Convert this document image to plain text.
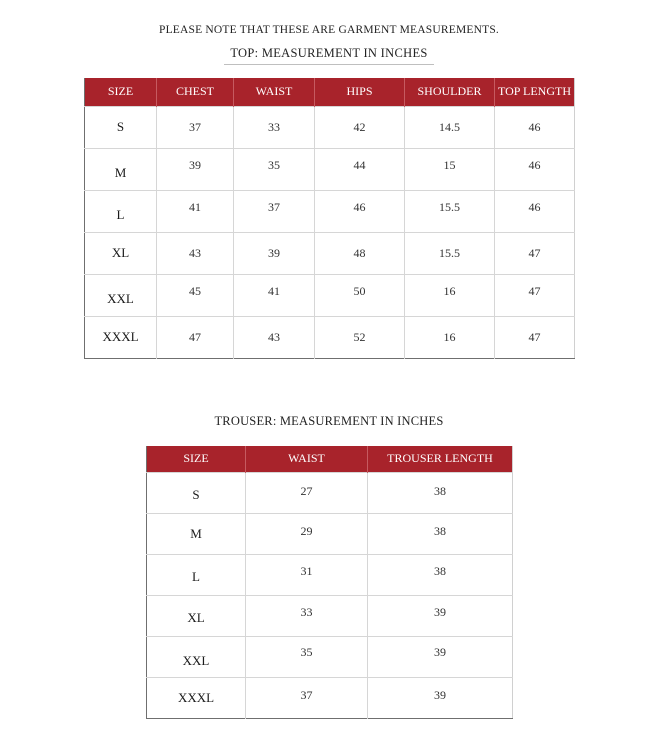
PLEASE NOTE THAT THESE ARE GARMENT MEASUREMENTS.
TOP: MEASUREMENT IN INCHES
SIZE	CHEST	WAIST	HIPS	SHOULDER	TOP LENGTH
S	37	33	42	14.5	46
M	39	35	44	15	46
L	41	37	46	15.5	46
XL	43	39	48	15.5	47
XXL	45	41	50	16	47
XXXL	47	43	52	16	47
TROUSER: MEASUREMENT IN INCHES
SIZE	WAIST	TROUSER LENGTH
S	27	38
M	29	38
L	31	38
XL	33	39
XXL	35	39
XXXL	37	39
